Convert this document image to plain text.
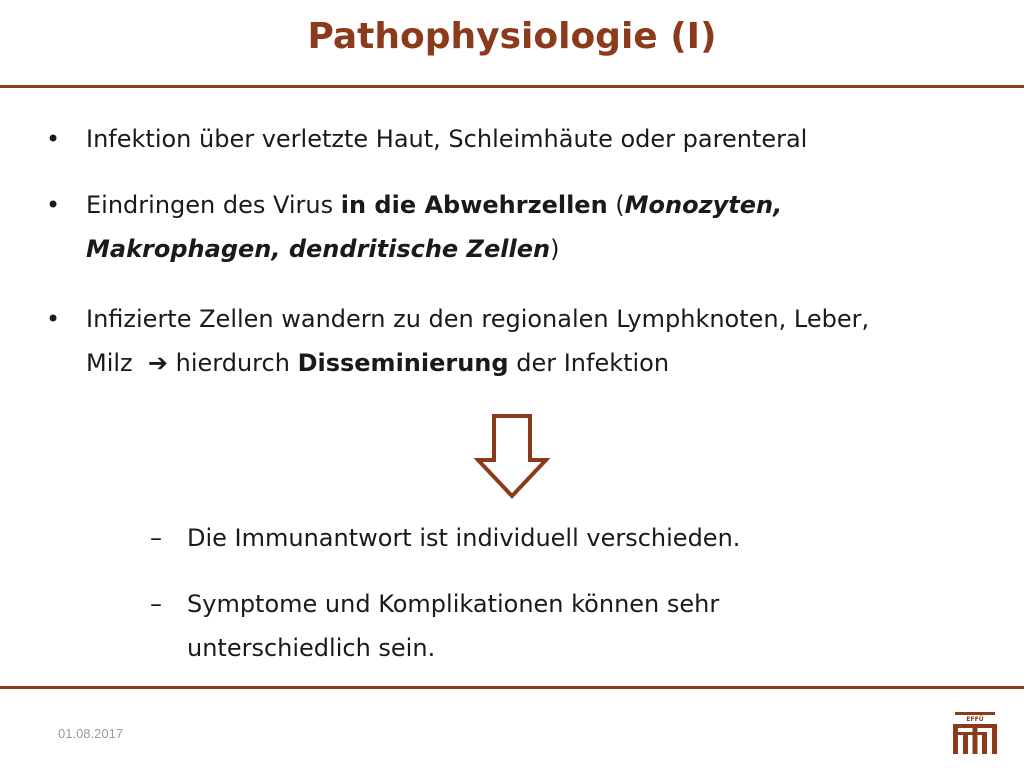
Pathophysiologie (I)
• Infektion über verletzte Haut, Schleimhäute oder parenteral
• Eindringen des Virus in die Abwehrzellen (Monozyten,
Makrophagen, dendritische Zellen)
• Infizierte Zellen wandern zu den regionalen Lymphknoten, Leber,
Milz  ➔ hierdurch Disseminierung der Infektion
– Die Immunantwort ist individuell verschieden.
– Symptome und Komplikationen können sehr
unterschiedlich sein.
01.08.2017
EFFÜ
